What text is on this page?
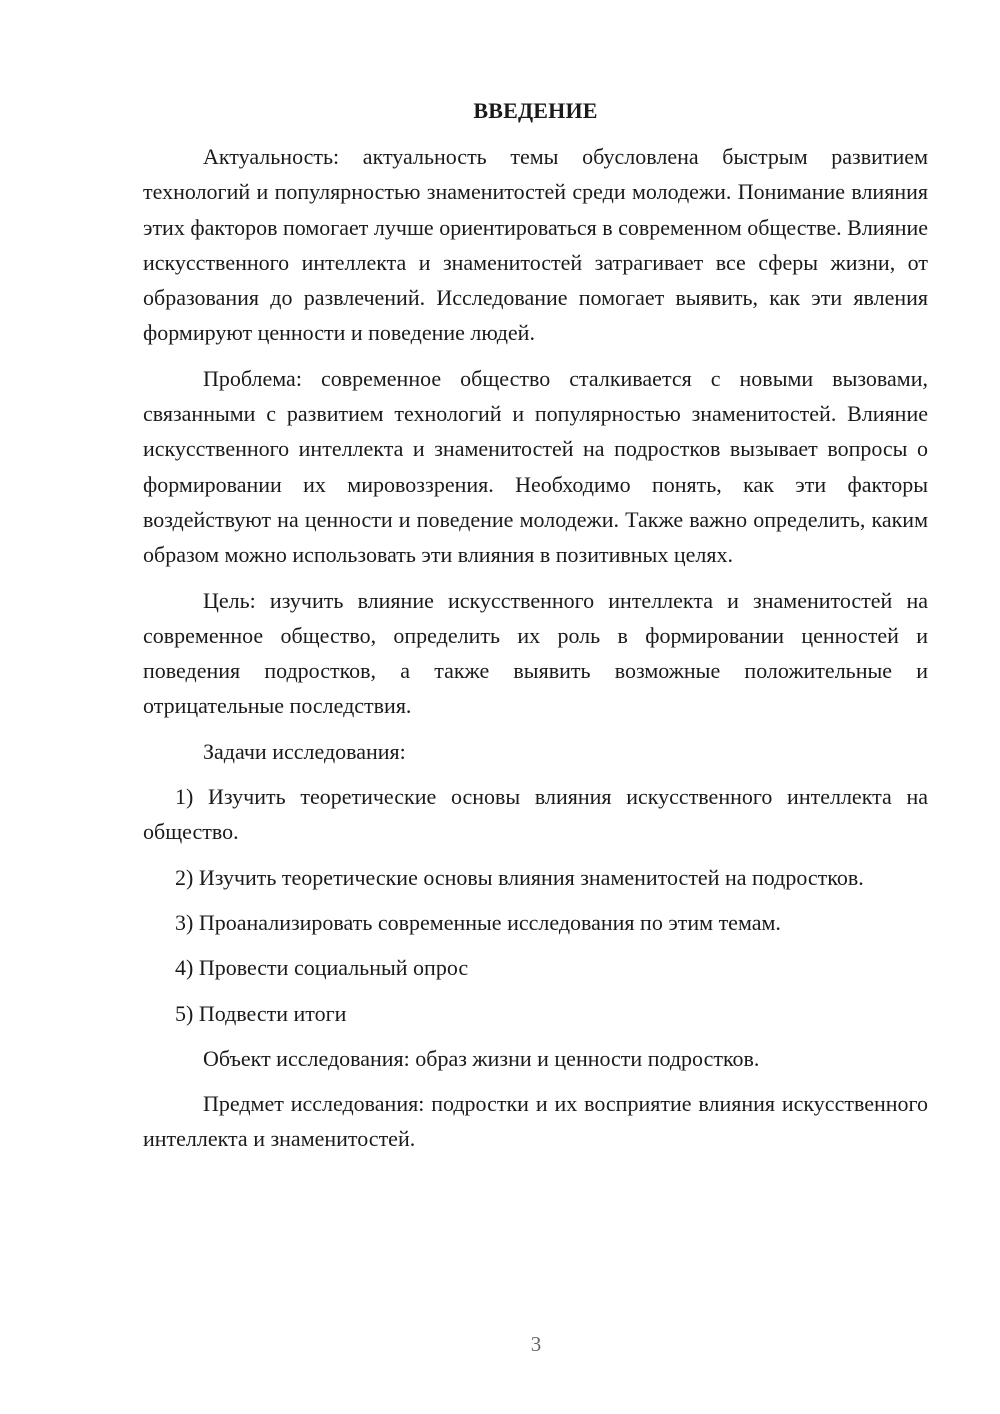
ВВЕДЕНИЕ

Актуальность: актуальность темы обусловлена быстрым развитием технологий и популярностью знаменитостей среди молодежи. Понимание влияния этих факторов помогает лучше ориентироваться в современном обществе. Влияние искусственного интеллекта и знаменитостей затрагивает все сферы жизни, от образования до развлечений. Исследование помогает выявить, как эти явления формируют ценности и поведение людей.

Проблема: современное общество сталкивается с новыми вызовами, связанными с развитием технологий и популярностью знаменитостей. Влияние искусственного интеллекта и знаменитостей на подростков вызывает вопросы о формировании их мировоззрения. Необходимо понять, как эти факторы воздействуют на ценности и поведение молодежи. Также важно определить, каким образом можно использовать эти влияния в позитивных целях.

Цель: изучить влияние искусственного интеллекта и знаменитостей на современное общество, определить их роль в формировании ценностей и поведения подростков, а также выявить возможные положительные и отрицательные последствия.

Задачи исследования:

1) Изучить теоретические основы влияния искусственного интеллекта на общество.

2) Изучить теоретические основы влияния знаменитостей на подростков.

3) Проанализировать современные исследования по этим темам.

4) Провести социальный опрос

5) Подвести итоги

Объект исследования: образ жизни и ценности подростков.

Предмет исследования: подростки и их восприятие влияния искусственного интеллекта и знаменитостей.

3
